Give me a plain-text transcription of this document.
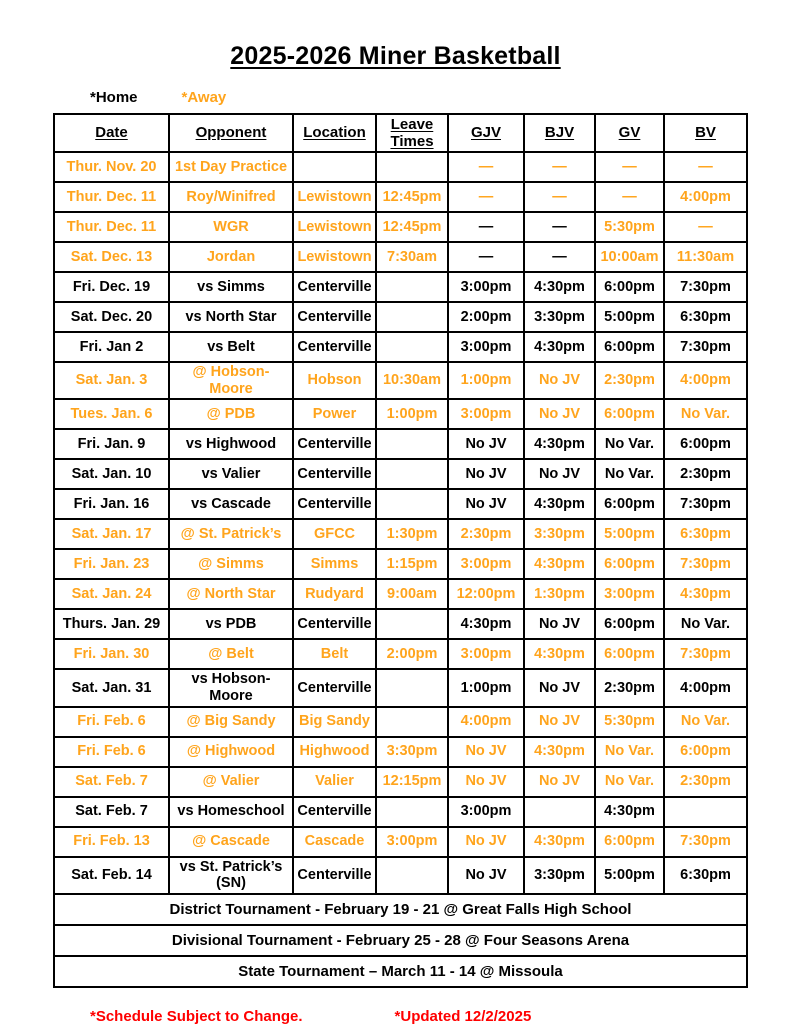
2025-2026 Miner Basketball
*Home	*Away
Date	Opponent	Location	Leave Times	GJV	BJV	GV	BV
Thur. Nov. 20	1st Day Practice			—	—	—	—
Thur. Dec. 11	Roy/Winifred	Lewistown	12:45pm	—	—	—	4:00pm
Thur. Dec. 11	WGR	Lewistown	12:45pm	—	—	5:30pm	—
Sat. Dec. 13	Jordan	Lewistown	7:30am	—	—	10:00am	11:30am
Fri. Dec. 19	vs Simms	Centerville		3:00pm	4:30pm	6:00pm	7:30pm
Sat. Dec. 20	vs North Star	Centerville		2:00pm	3:30pm	5:00pm	6:30pm
Fri. Jan 2	vs Belt	Centerville		3:00pm	4:30pm	6:00pm	7:30pm
Sat. Jan. 3	@ Hobson-Moore	Hobson	10:30am	1:00pm	No JV	2:30pm	4:00pm
Tues. Jan. 6	@ PDB	Power	1:00pm	3:00pm	No JV	6:00pm	No Var.
Fri. Jan. 9	vs Highwood	Centerville		No JV	4:30pm	No Var.	6:00pm
Sat. Jan. 10	vs Valier	Centerville		No JV	No JV	No Var.	2:30pm
Fri. Jan. 16	vs Cascade	Centerville		No JV	4:30pm	6:00pm	7:30pm
Sat. Jan. 17	@ St. Patrick’s	GFCC	1:30pm	2:30pm	3:30pm	5:00pm	6:30pm
Fri. Jan. 23	@ Simms	Simms	1:15pm	3:00pm	4:30pm	6:00pm	7:30pm
Sat. Jan. 24	@ North Star	Rudyard	9:00am	12:00pm	1:30pm	3:00pm	4:30pm
Thurs. Jan. 29	vs PDB	Centerville		4:30pm	No JV	6:00pm	No Var.
Fri. Jan. 30	@ Belt	Belt	2:00pm	3:00pm	4:30pm	6:00pm	7:30pm
Sat. Jan. 31	vs Hobson-Moore	Centerville		1:00pm	No JV	2:30pm	4:00pm
Fri. Feb. 6	@ Big Sandy	Big Sandy		4:00pm	No JV	5:30pm	No Var.
Fri. Feb. 6	@ Highwood	Highwood	3:30pm	No JV	4:30pm	No Var.	6:00pm
Sat. Feb. 7	@ Valier	Valier	12:15pm	No JV	No JV	No Var.	2:30pm
Sat. Feb. 7	vs Homeschool	Centerville		3:00pm		4:30pm	
Fri. Feb. 13	@ Cascade	Cascade	3:00pm	No JV	4:30pm	6:00pm	7:30pm
Sat. Feb. 14	vs St. Patrick’s (SN)	Centerville		No JV	3:30pm	5:00pm	6:30pm
District Tournament - February 19 - 21 @ Great Falls High School							
Divisional Tournament - February 25 - 28 @ Four Seasons Arena							
State Tournament – March 11 - 14 @ Missoula							
*Schedule Subject to Change.	*Updated 12/2/2025
